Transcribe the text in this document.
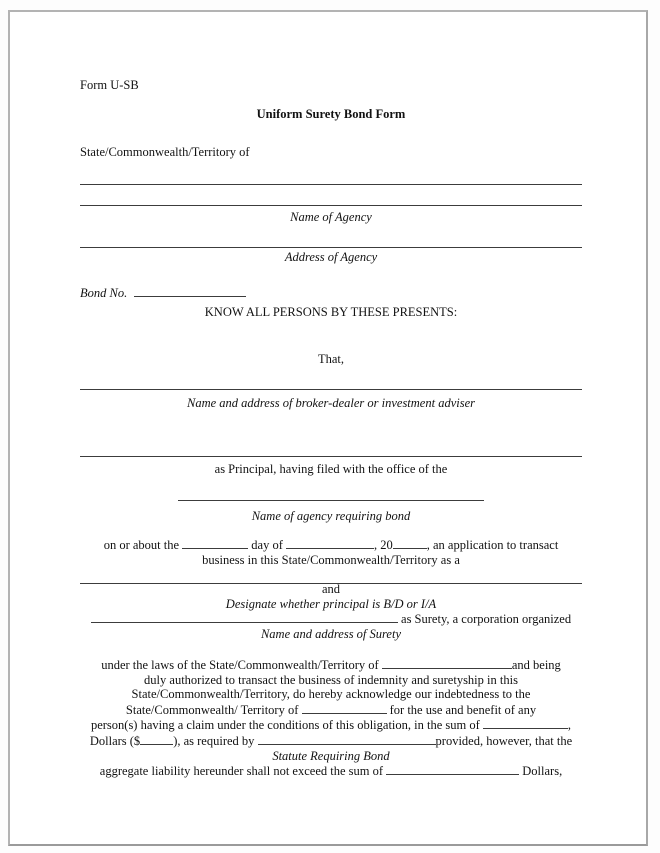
Form U-SB
Uniform Surety Bond Form
State/Commonwealth/Territory of
Name of Agency
Address of Agency
Bond No.
KNOW ALL PERSONS BY THESE PRESENTS:
That,
Name and address of broker-dealer or investment adviser
as Principal, having filed with the office of the
Name of agency requiring bond
on or about the	day of	, 20	, an application to transact
business in this State/Commonwealth/Territory as a
and
Designate whether principal is B/D or I/A
as Surety, a corporation organized
Name and address of Surety
under the laws of the State/Commonwealth/Territory of	and being
duly authorized to transact the business of indemnity and suretyship in this
State/Commonwealth/Territory, do hereby acknowledge our indebtedness to the
State/Commonwealth/ Territory of	for the use and benefit of any
person(s) having a claim under the conditions of this obligation, in the sum of	,
Dollars ($	), as required by	provided, however, that the
Statute Requiring Bond
aggregate liability hereunder shall not exceed the sum of	Dollars,
